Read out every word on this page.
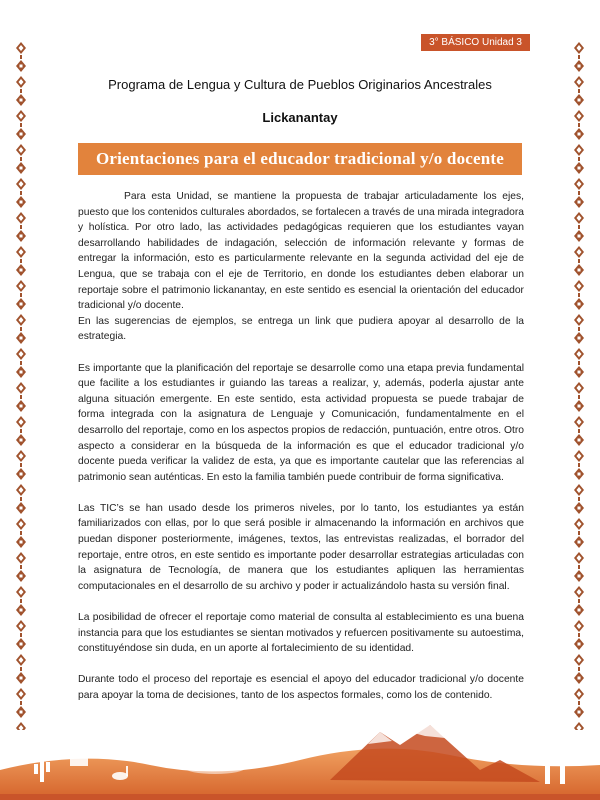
3° BÁSICO Unidad 3
Programa de Lengua y Cultura de Pueblos Originarios Ancestrales
Lickanantay
Orientaciones para el educador tradicional y/o docente

Para esta Unidad, se mantiene la propuesta de trabajar articuladamente los ejes, puesto que los contenidos culturales abordados, se fortalecen a través de una mirada integradora y holística. Por otro lado, las actividades pedagógicas requieren que los estudiantes vayan desarrollando habilidades de indagación, selección de información relevante y formas de entregar la información, esto es particularmente relevante en la segunda actividad del eje de Lengua, que se trabaja con el eje de Territorio, en donde los estudiantes deben elaborar un reportaje sobre el patrimonio lickanantay, en este sentido es esencial la orientación del educador tradicional y/o docente.

En las sugerencias de ejemplos, se entrega un link que pudiera apoyar al desarrollo de la estrategia.

Es importante que la planificación del reportaje se desarrolle como una etapa previa fundamental que facilite a los estudiantes ir guiando las tareas a realizar, y, además, poderla ajustar ante alguna situación emergente. En este sentido, esta actividad propuesta se puede trabajar de forma integrada con la asignatura de Lenguaje y Comunicación, fundamentalmente en el desarrollo del reportaje, como en los aspectos propios de redacción, puntuación, entre otros. Otro aspecto a considerar en la búsqueda de la información es que el educador tradicional y/o docente pueda verificar la validez de esta, ya que es importante cautelar que las referencias al patrimonio sean auténticas. En esto la familia también puede contribuir de forma significativa.

Las TIC’s se han usado desde los primeros niveles, por lo tanto, los estudiantes ya están familiarizados con ellas, por lo que será posible ir almacenando la información en archivos que puedan disponer posteriormente, imágenes, textos, las entrevistas realizadas, el borrador del reportaje, entre otros, en este sentido es importante poder desarrollar estrategias articuladas con la asignatura de Tecnología, de manera que los estudiantes apliquen las herramientas computacionales en el desarrollo de su archivo y poder ir actualizándolo hasta su versión final.

La posibilidad de ofrecer el reportaje como material de consulta al establecimiento es una buena instancia para que los estudiantes se sientan motivados y refuercen positivamente su autoestima, constituyéndose sin duda, en un aporte al fortalecimiento de su identidad.

Durante todo el proceso del reportaje es esencial el apoyo del educador tradicional y/o docente para apoyar la toma de decisiones, tanto de los aspectos formales, como los de contenido.
